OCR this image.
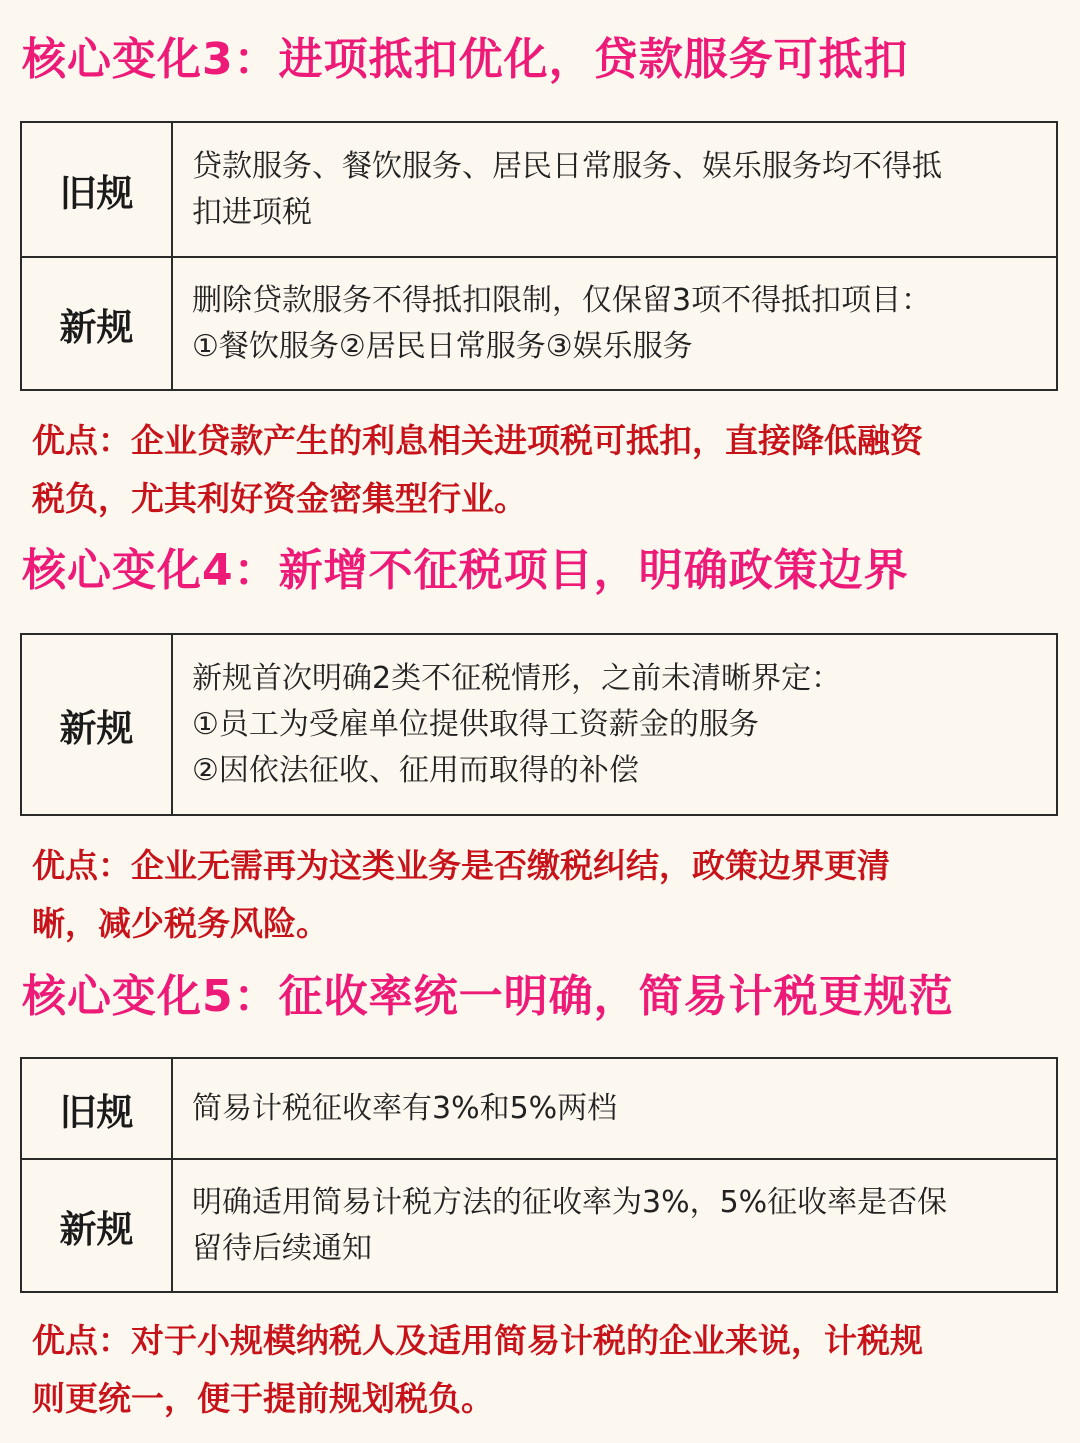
核心变化3：进项抵扣优化，贷款服务可抵扣
旧规
贷款服务、餐饮服务、居民日常服务、娱乐服务均不得抵
扣进项税
新规
删除贷款服务不得抵扣限制，仅保留3项不得抵扣项目：
①餐饮服务②居民日常服务③娱乐服务
优点：企业贷款产生的利息相关进项税可抵扣，直接降低融资
税负，尤其利好资金密集型行业。
核心变化4：新增不征税项目，明确政策边界
新规
新规首次明确2类不征税情形，之前未清晰界定：
①员工为受雇单位提供取得工资薪金的服务
②因依法征收、征用而取得的补偿
优点：企业无需再为这类业务是否缴税纠结，政策边界更清
晰，减少税务风险。
核心变化5：征收率统一明确，简易计税更规范
旧规	简易计税征收率有3%和5%两档
新规
明确适用简易计税方法的征收率为3%，5%征收率是否保
留待后续通知
优点：对于小规模纳税人及适用简易计税的企业来说，计税规
则更统一，便于提前规划税负。
